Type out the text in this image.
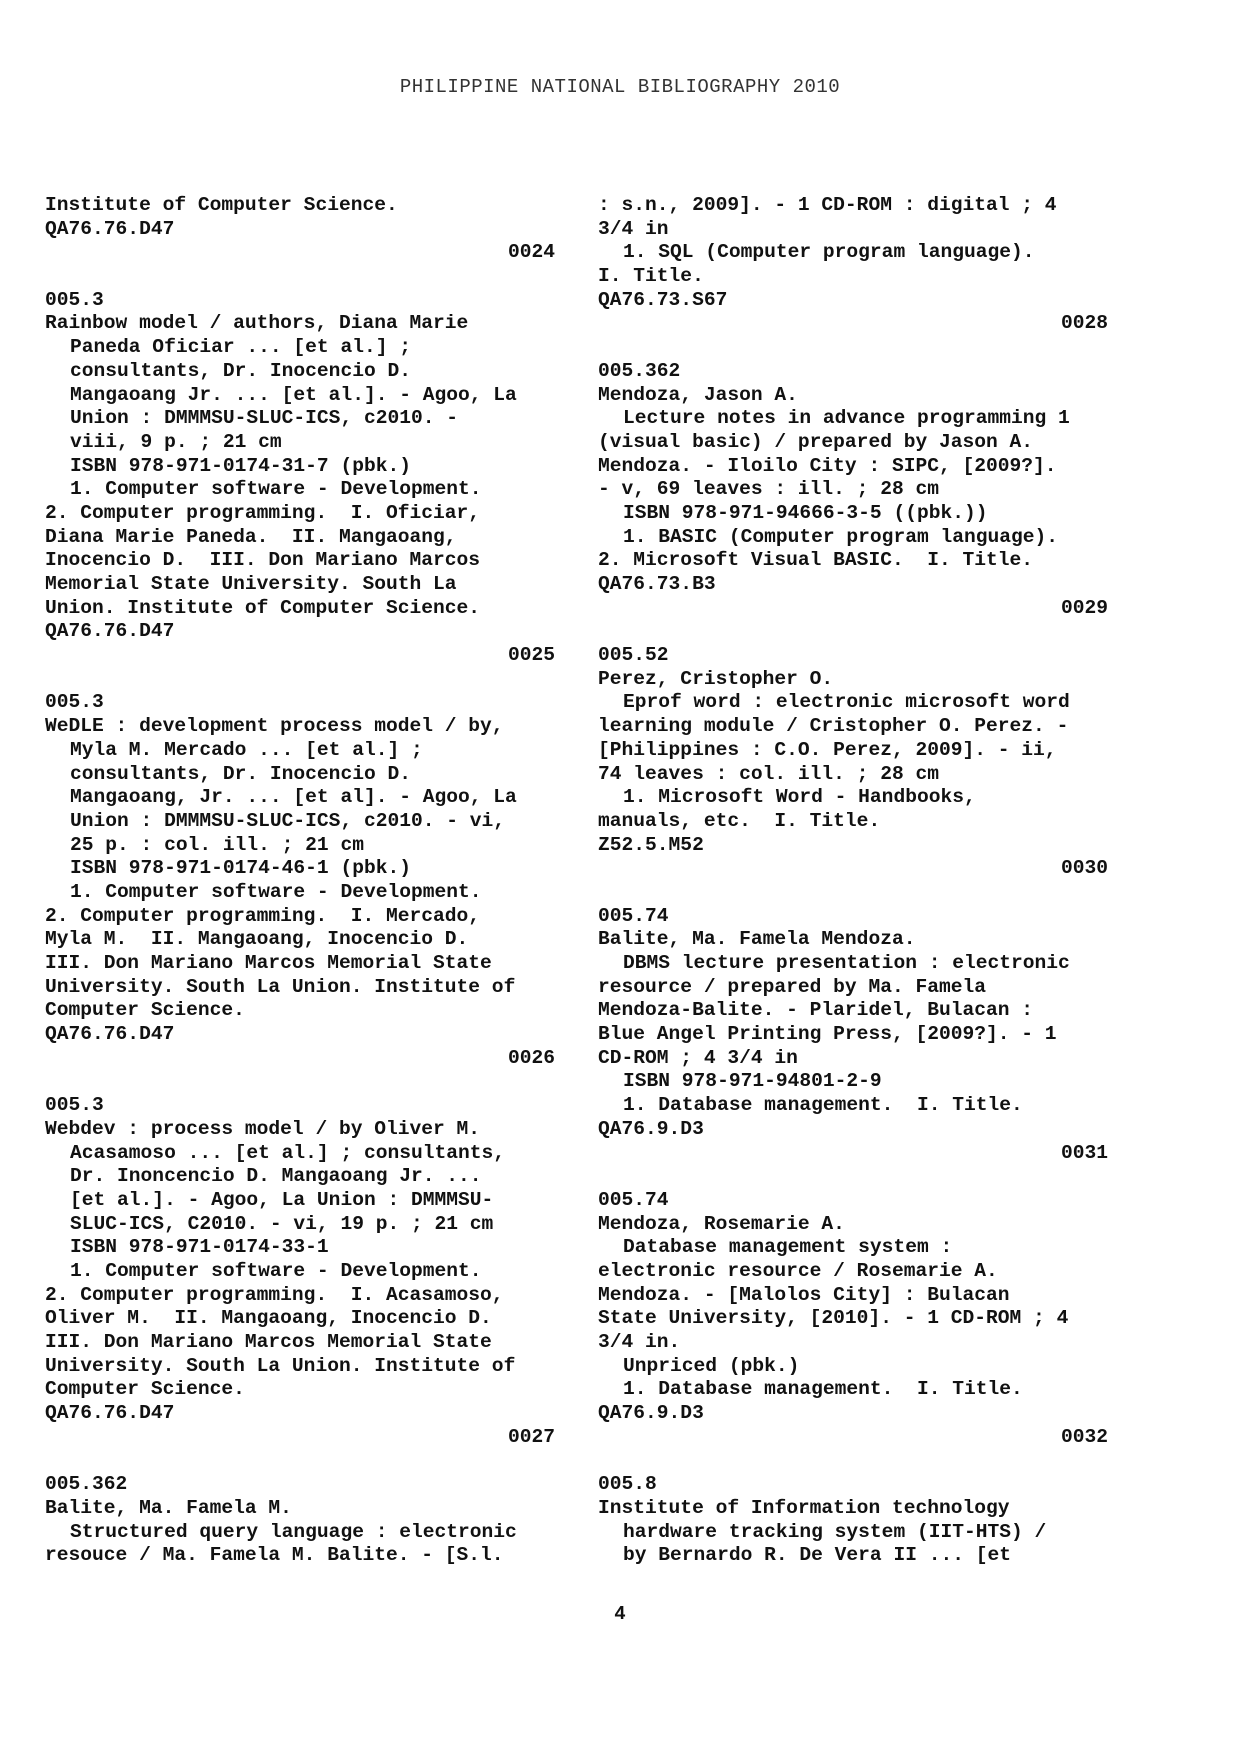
PHILIPPINE NATIONAL BIBLIOGRAPHY 2010
Institute of Computer Science.
QA76.76.D47
0024
005.3
Rainbow model / authors, Diana Marie
Paneda Oficiar ... [et al.] ;
consultants, Dr. Inocencio D.
Mangaoang Jr. ... [et al.]. - Agoo, La
Union : DMMMSU-SLUC-ICS, c2010. -
viii, 9 p. ; 21 cm
ISBN 978-971-0174-31-7 (pbk.)
1. Computer software - Development.
2. Computer programming.  I. Oficiar,
Diana Marie Paneda.  II. Mangaoang,
Inocencio D.  III. Don Mariano Marcos
Memorial State University. South La
Union. Institute of Computer Science.
QA76.76.D47
0025
005.3
WeDLE : development process model / by,
Myla M. Mercado ... [et al.] ;
consultants, Dr. Inocencio D.
Mangaoang, Jr. ... [et al]. - Agoo, La
Union : DMMMSU-SLUC-ICS, c2010. - vi,
25 p. : col. ill. ; 21 cm
ISBN 978-971-0174-46-1 (pbk.)
1. Computer software - Development.
2. Computer programming.  I. Mercado,
Myla M.  II. Mangaoang, Inocencio D.
III. Don Mariano Marcos Memorial State
University. South La Union. Institute of
Computer Science.
QA76.76.D47
0026
005.3
Webdev : process model / by Oliver M.
Acasamoso ... [et al.] ; consultants,
Dr. Inoncencio D. Mangaoang Jr. ...
[et al.]. - Agoo, La Union : DMMMSU-
SLUC-ICS, C2010. - vi, 19 p. ; 21 cm
ISBN 978-971-0174-33-1
1. Computer software - Development.
2. Computer programming.  I. Acasamoso,
Oliver M.  II. Mangaoang, Inocencio D.
III. Don Mariano Marcos Memorial State
University. South La Union. Institute of
Computer Science.
QA76.76.D47
0027
005.362
Balite, Ma. Famela M.
Structured query language : electronic
resouce / Ma. Famela M. Balite. - [S.l.
: s.n., 2009]. - 1 CD-ROM : digital ; 4
3/4 in
1. SQL (Computer program language).
I. Title.
QA76.73.S67
0028
005.362
Mendoza, Jason A.
Lecture notes in advance programming 1
(visual basic) / prepared by Jason A.
Mendoza. - Iloilo City : SIPC, [2009?].
- v, 69 leaves : ill. ; 28 cm
ISBN 978-971-94666-3-5 ((pbk.))
1. BASIC (Computer program language).
2. Microsoft Visual BASIC.  I. Title.
QA76.73.B3
0029
005.52
Perez, Cristopher O.
Eprof word : electronic microsoft word
learning module / Cristopher O. Perez. -
[Philippines : C.O. Perez, 2009]. - ii,
74 leaves : col. ill. ; 28 cm
1. Microsoft Word - Handbooks,
manuals, etc.  I. Title.
Z52.5.M52
0030
005.74
Balite, Ma. Famela Mendoza.
DBMS lecture presentation : electronic
resource / prepared by Ma. Famela
Mendoza-Balite. - Plaridel, Bulacan :
Blue Angel Printing Press, [2009?]. - 1
CD-ROM ; 4 3/4 in
ISBN 978-971-94801-2-9
1. Database management.  I. Title.
QA76.9.D3
0031
005.74
Mendoza, Rosemarie A.
Database management system :
electronic resource / Rosemarie A.
Mendoza. - [Malolos City] : Bulacan
State University, [2010]. - 1 CD-ROM ; 4
3/4 in.
Unpriced (pbk.)
1. Database management.  I. Title.
QA76.9.D3
0032
005.8
Institute of Information technology
hardware tracking system (IIT-HTS) /
by Bernardo R. De Vera II ... [et
4
